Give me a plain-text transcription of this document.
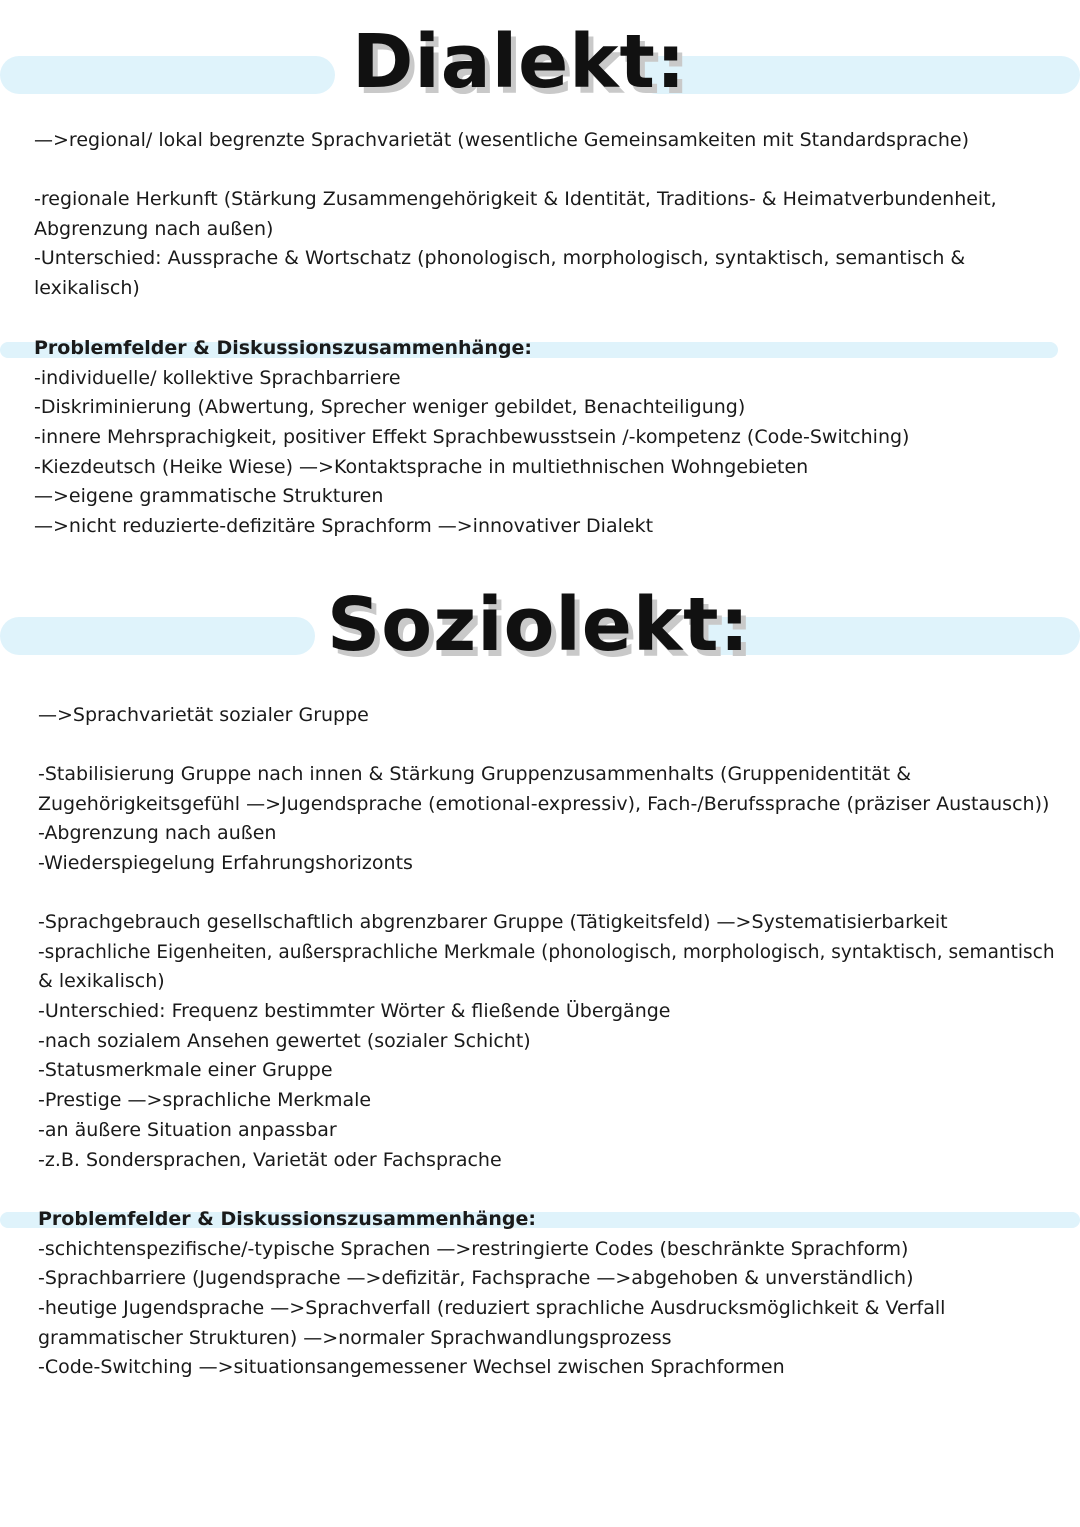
Dialekt:
—>regional/ lokal begrenzte Sprachvarietät (wesentliche Gemeinsamkeiten mit Standardsprache)
-regionale Herkunft (Stärkung Zusammengehörigkeit & Identität, Traditions- & Heimatverbundenheit,
Abgrenzung nach außen)
-Unterschied: Aussprache & Wortschatz (phonologisch, morphologisch, syntaktisch, semantisch &
lexikalisch)
Problemfelder & Diskussionszusammenhänge:
-individuelle/ kollektive Sprachbarriere
-Diskriminierung (Abwertung, Sprecher weniger gebildet, Benachteiligung)
-innere Mehrsprachigkeit, positiver Effekt Sprachbewusstsein /-kompetenz (Code-Switching)
-Kiezdeutsch (Heike Wiese) —>Kontaktsprache in multiethnischen Wohngebieten
—>eigene grammatische Strukturen
—>nicht reduzierte-defizitäre Sprachform —>innovativer Dialekt
Soziolekt:
—>Sprachvarietät sozialer Gruppe
-Stabilisierung Gruppe nach innen & Stärkung Gruppenzusammenhalts (Gruppenidentität &
Zugehörigkeitsgefühl —>Jugendsprache (emotional-expressiv), Fach-/Berufssprache (präziser Austausch))
-Abgrenzung nach außen
-Wiederspiegelung Erfahrungshorizonts
-Sprachgebrauch gesellschaftlich abgrenzbarer Gruppe (Tätigkeitsfeld) —>Systematisierbarkeit
-sprachliche Eigenheiten, außersprachliche Merkmale (phonologisch, morphologisch, syntaktisch, semantisch
& lexikalisch)
-Unterschied: Frequenz bestimmter Wörter & fließende Übergänge
-nach sozialem Ansehen gewertet (sozialer Schicht)
-Statusmerkmale einer Gruppe
-Prestige —>sprachliche Merkmale
-an äußere Situation anpassbar
-z.B. Sondersprachen, Varietät oder Fachsprache
Problemfelder & Diskussionszusammenhänge:
-schichtenspezifische/-typische Sprachen —>restringierte Codes (beschränkte Sprachform)
-Sprachbarriere (Jugendsprache —>defizitär, Fachsprache —>abgehoben & unverständlich)
-heutige Jugendsprache —>Sprachverfall (reduziert sprachliche Ausdrucksmöglichkeit & Verfall
grammatischer Strukturen) —>normaler Sprachwandlungsprozess
-Code-Switching —>situationsangemessener Wechsel zwischen Sprachformen
